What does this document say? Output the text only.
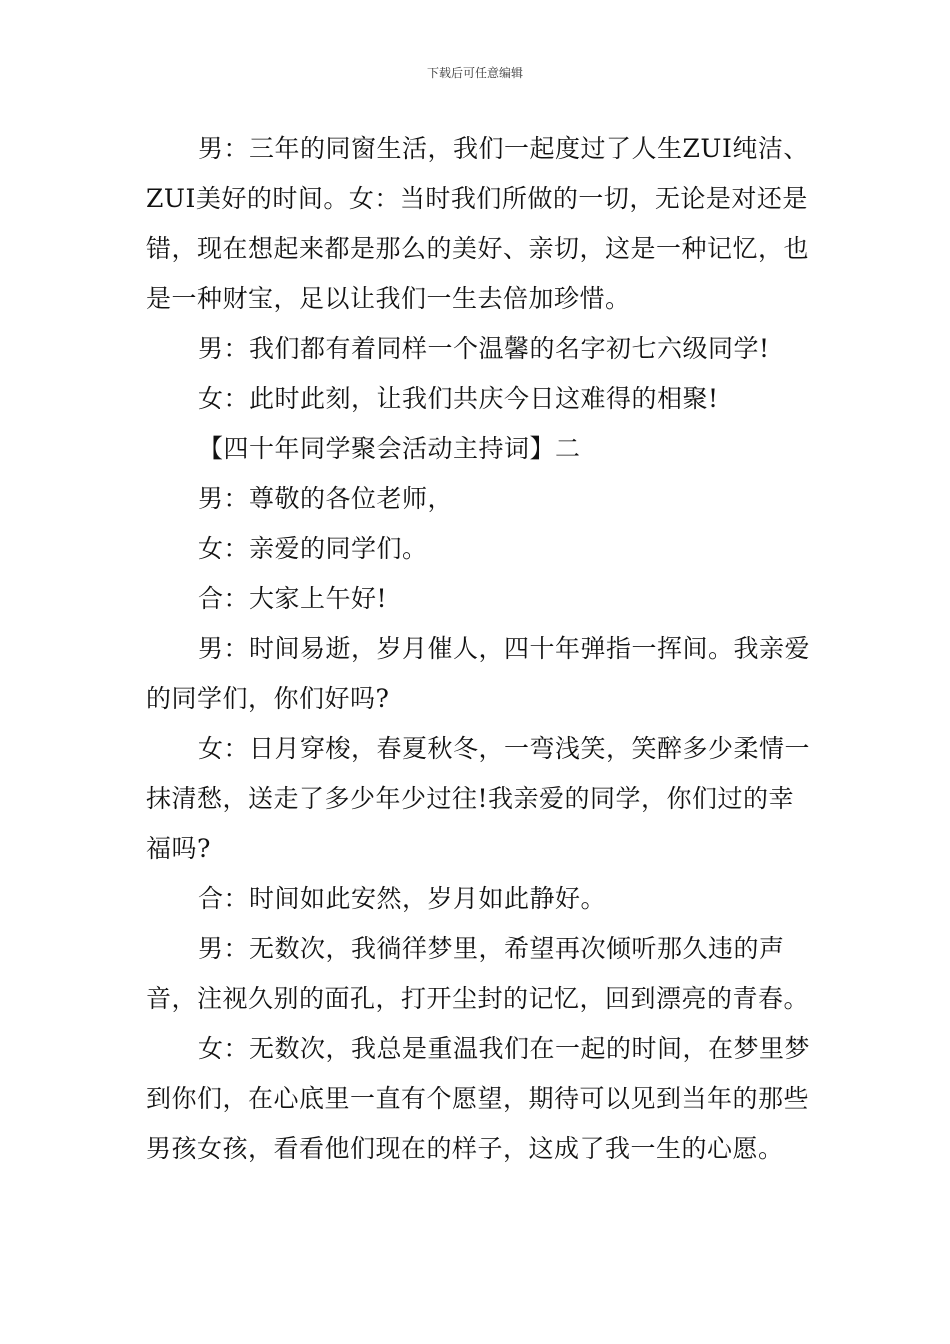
下载后可任意编辑

男：三年的同窗生活，我们一起度过了人生ZUI纯洁、ZUI美好的时间。女：当时我们所做的一切，无论是对还是错，现在想起来都是那么的美好、亲切，这是一种记忆，也是一种财宝，足以让我们一生去倍加珍惜。

男：我们都有着同样一个温馨的名字初七六级同学!

女：此时此刻，让我们共庆今日这难得的相聚!

【四十年同学聚会活动主持词】二

男：尊敬的各位老师，

女：亲爱的同学们。

合：大家上午好!

男：时间易逝，岁月催人，四十年弹指一挥间。我亲爱的同学们，你们好吗?

女：日月穿梭，春夏秋冬，一弯浅笑，笑醉多少柔情一抹清愁，送走了多少年少过往!我亲爱的同学，你们过的幸福吗?

合：时间如此安然，岁月如此静好。

男：无数次，我徜徉梦里，希望再次倾听那久违的声音，注视久别的面孔，打开尘封的记忆，回到漂亮的青春。

女：无数次，我总是重温我们在一起的时间，在梦里梦到你们，在心底里一直有个愿望，期待可以见到当年的那些男孩女孩，看看他们现在的样子，这成了我一生的心愿。
